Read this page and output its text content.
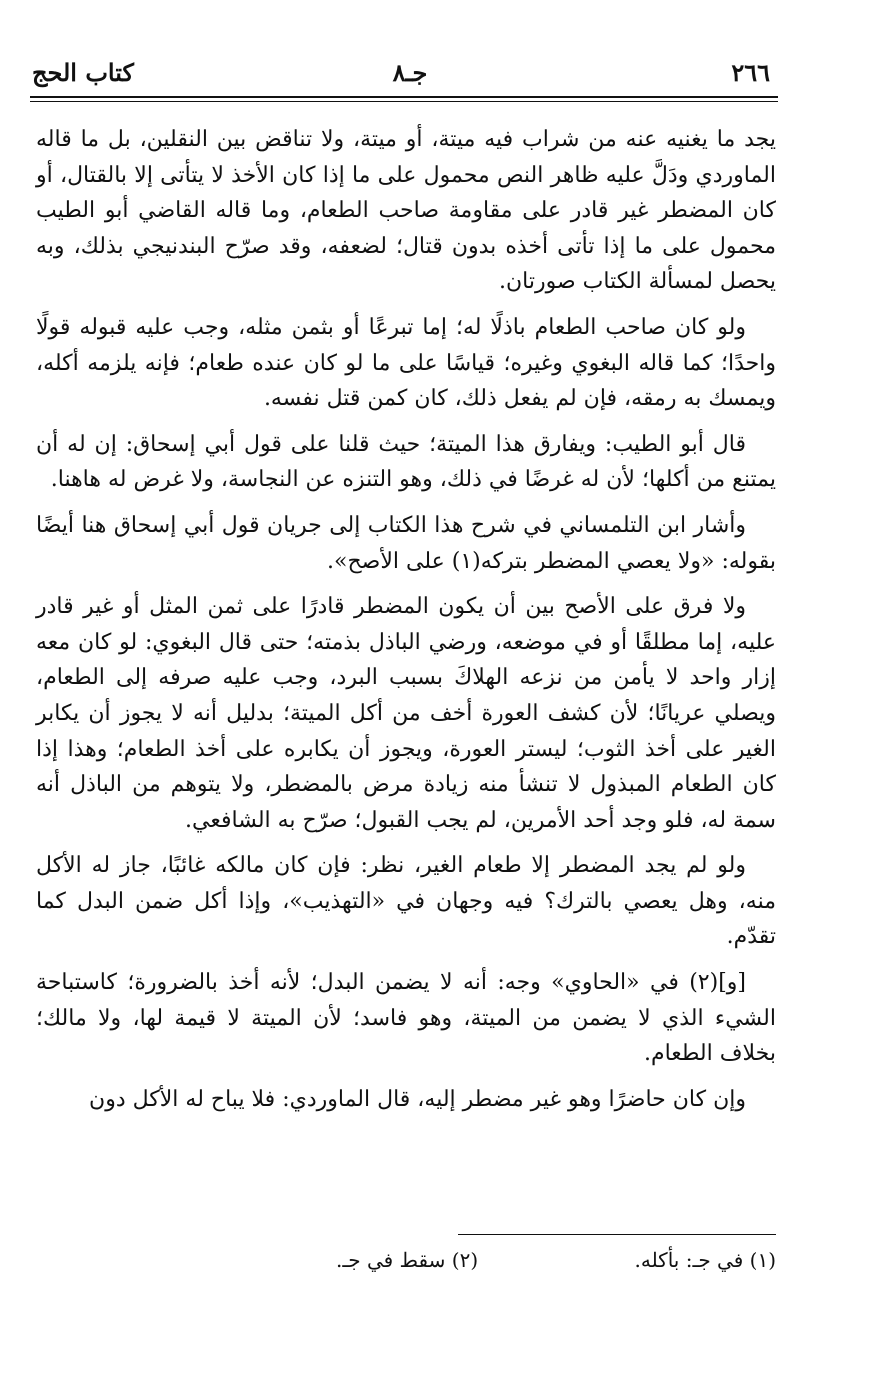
٢٦٦
جـ٨
كتاب الحج

يجد ما يغنيه عنه من شراب فيه ميتة، أو ميتة، ولا تناقض بين النقلين، بل ما قاله الماوردي ودَلَّ عليه ظاهر النص محمول على ما إذا كان الأخذ لا يتأتى إلا بالقتال، أو كان المضطر غير قادر على مقاومة صاحب الطعام، وما قاله القاضي أبو الطيب محمول على ما إذا تأتى أخذه بدون قتال؛ لضعفه، وقد صرّح البندنيجي بذلك، وبه يحصل لمسألة الكتاب صورتان.

ولو كان صاحب الطعام باذلًا له؛ إما تبرعًا أو بثمن مثله، وجب عليه قبوله قولًا واحدًا؛ كما قاله البغوي وغيره؛ قياسًا على ما لو كان عنده طعام؛ فإنه يلزمه أكله، ويمسك به رمقه، فإن لم يفعل ذلك، كان كمن قتل نفسه.

قال أبو الطيب: ويفارق هذا الميتة؛ حيث قلنا على قول أبي إسحاق: إن له أن يمتنع من أكلها؛ لأن له غرضًا في ذلك، وهو التنزه عن النجاسة، ولا غرض له هاهنا.

وأشار ابن التلمساني في شرح هذا الكتاب إلى جريان قول أبي إسحاق هنا أيضًا بقوله: «ولا يعصي المضطر بتركه(١) على الأصح».

ولا فرق على الأصح بين أن يكون المضطر قادرًا على ثمن المثل أو غير قادر عليه، إما مطلقًا أو في موضعه، ورضي الباذل بذمته؛ حتى قال البغوي: لو كان معه إزار واحد لا يأمن من نزعه الهلاكَ بسبب البرد، وجب عليه صرفه إلى الطعام، ويصلي عريانًا؛ لأن كشف العورة أخف من أكل الميتة؛ بدليل أنه لا يجوز أن يكابر الغير على أخذ الثوب؛ ليستر العورة، ويجوز أن يكابره على أخذ الطعام؛ وهذا إذا كان الطعام المبذول لا تنشأ منه زيادة مرض بالمضطر، ولا يتوهم من الباذل أنه سمة له، فلو وجد أحد الأمرين، لم يجب القبول؛ صرّح به الشافعي.

ولو لم يجد المضطر إلا طعام الغير، نظر: فإن كان مالكه غائبًا، جاز له الأكل منه، وهل يعصي بالترك؟ فيه وجهان في «التهذيب»، وإذا أكل ضمن البدل كما تقدّم.

[و](٢) في «الحاوي» وجه: أنه لا يضمن البدل؛ لأنه أخذ بالضرورة؛ كاستباحة الشيء الذي لا يضمن من الميتة، وهو فاسد؛ لأن الميتة لا قيمة لها، ولا مالك؛ بخلاف الطعام.

وإن كان حاضرًا وهو غير مضطر إليه، قال الماوردي: فلا يباح له الأكل دون

(١) في جـ: بأكله. (٢) سقط في جـ.
